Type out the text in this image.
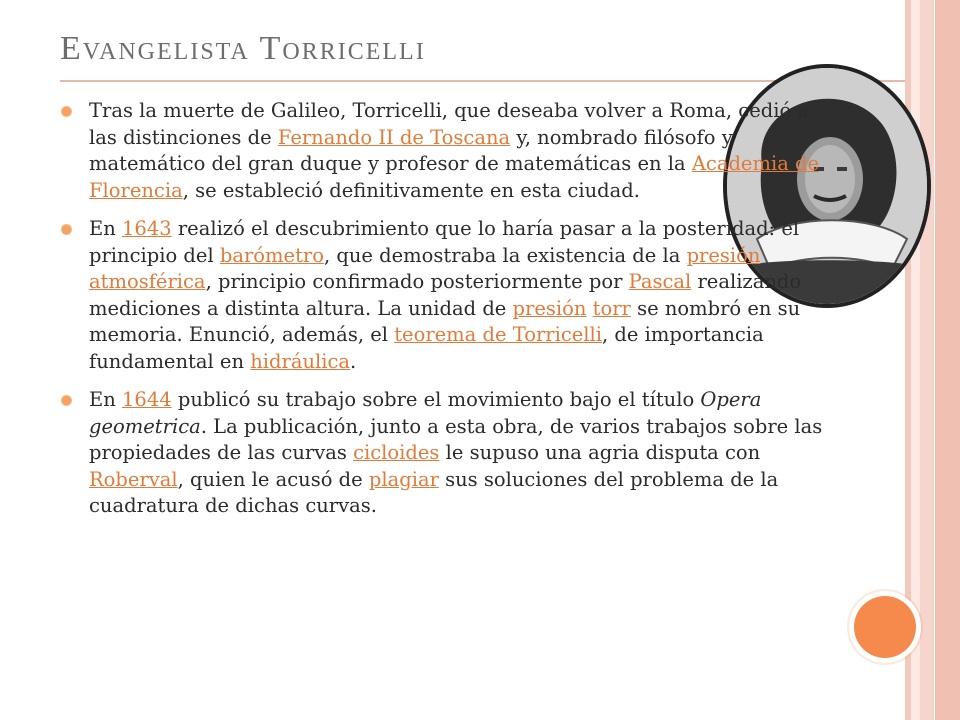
Evangelista Torricelli

Tras la muerte de Galileo, Torricelli, que deseaba volver a Roma, cedió a las distinciones de Fernando II de Toscana y, nombrado filósofo y matemático del gran duque y profesor de matemáticas en la Academia de Florencia, se estableció definitivamente en esta ciudad.

En 1643 realizó el descubrimiento que lo haría pasar a la posteridad: el principio del barómetro, que demostraba la existencia de la presión atmosférica, principio confirmado posteriormente por Pascal realizando mediciones a distinta altura. La unidad de presión torr se nombró en su memoria. Enunció, además, el teorema de Torricelli, de importancia fundamental en hidráulica.

En 1644 publicó su trabajo sobre el movimiento bajo el título Opera geometrica. La publicación, junto a esta obra, de varios trabajos sobre las propiedades de las curvas cicloides le supuso una agria disputa con Roberval, quien le acusó de plagiar sus soluciones del problema de la cuadratura de dichas curvas.
